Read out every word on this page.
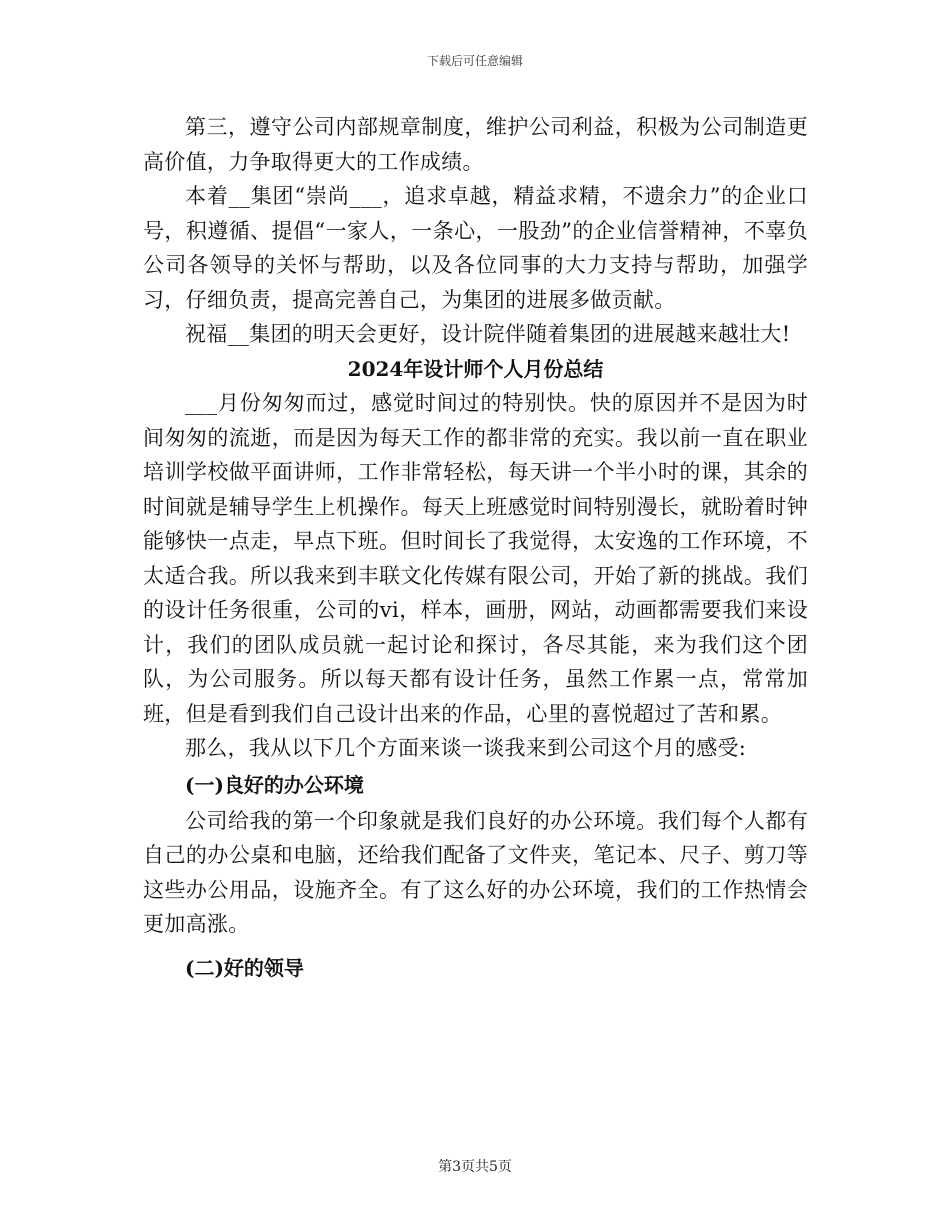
下载后可任意编辑

第三，遵守公司内部规章制度，维护公司利益，积极为公司制造更高价值，力争取得更大的工作成绩。

本着__集团“崇尚___，追求卓越，精益求精，不遗余力”的企业口号，积遵循、提倡“一家人，一条心，一股劲”的企业信誉精神，不辜负公司各领导的关怀与帮助，以及各位同事的大力支持与帮助，加强学习，仔细负责，提高完善自己，为集团的进展多做贡献。

祝福__集团的明天会更好，设计院伴随着集团的进展越来越壮大!

2024年设计师个人月份总结

___月份匆匆而过，感觉时间过的特别快。快的原因并不是因为时间匆匆的流逝，而是因为每天工作的都非常的充实。我以前一直在职业培训学校做平面讲师，工作非常轻松，每天讲一个半小时的课，其余的时间就是辅导学生上机操作。每天上班感觉时间特别漫长，就盼着时钟能够快一点走，早点下班。但时间长了我觉得，太安逸的工作环境，不太适合我。所以我来到丰联文化传媒有限公司，开始了新的挑战。我们的设计任务很重，公司的vi，样本，画册，网站，动画都需要我们来设计，我们的团队成员就一起讨论和探讨，各尽其能，来为我们这个团队，为公司服务。所以每天都有设计任务，虽然工作累一点，常常加班，但是看到我们自己设计出来的作品，心里的喜悦超过了苦和累。

那么，我从以下几个方面来谈一谈我来到公司这个月的感受:

(一)良好的办公环境

公司给我的第一个印象就是我们良好的办公环境。我们每个人都有自己的办公桌和电脑，还给我们配备了文件夹，笔记本、尺子、剪刀等这些办公用品，设施齐全。有了这么好的办公环境，我们的工作热情会更加高涨。

(二)好的领导
第3页共5页
